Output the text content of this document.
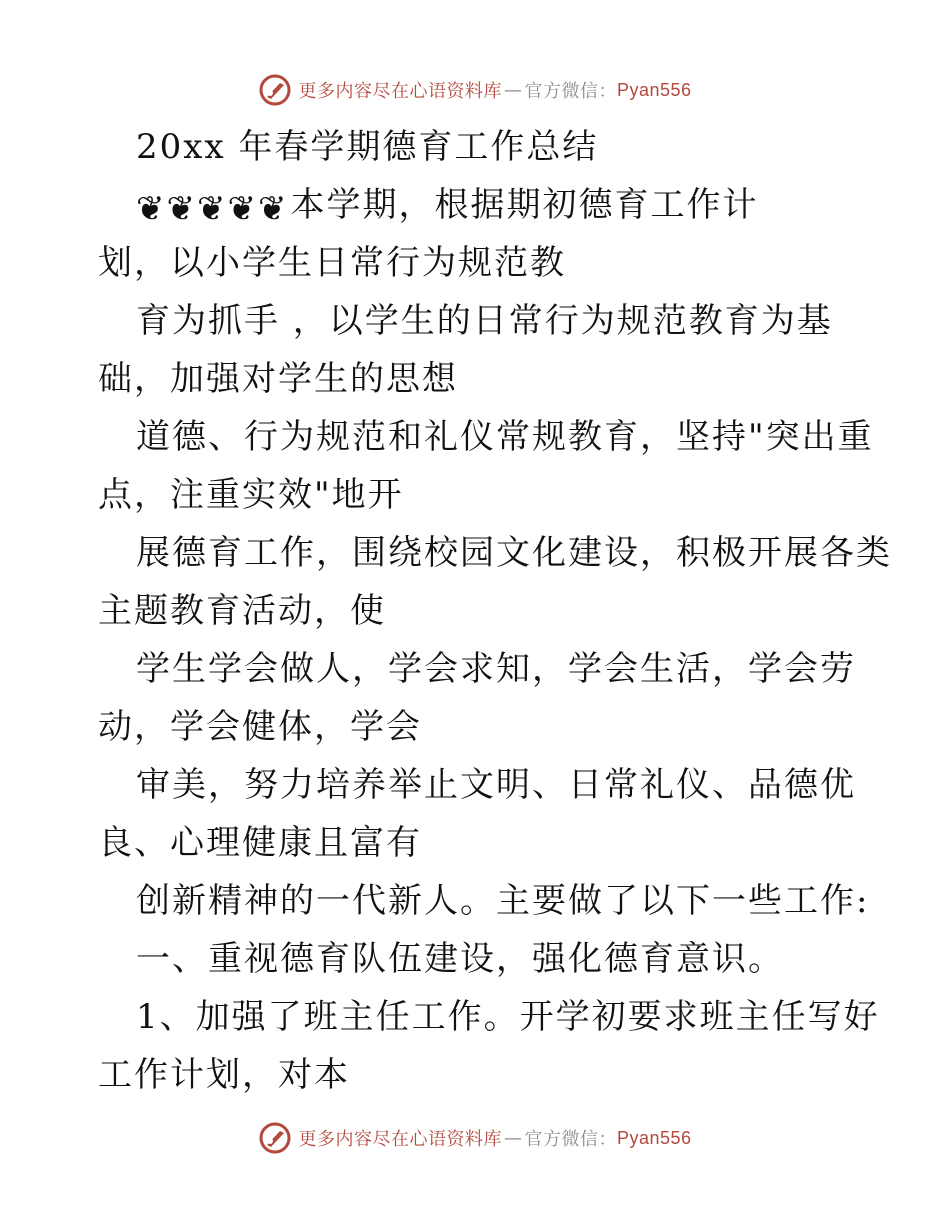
更多内容尽在心语资料库 — 官方微信： Pyan556
20xx 年春学期德育工作总结
❦❦❦❦❦本学期，根据期初德育工作计
划，以小学生日常行为规范教
育为抓手 ，以学生的日常行为规范教育为基
础，加强对学生的思想
道德、行为规范和礼仪常规教育，坚持"突出重
点，注重实效"地开
展德育工作，围绕校园文化建设，积极开展各类
主题教育活动，使
学生学会做人，学会求知，学会生活，学会劳
动，学会健体，学会
审美，努力培养举止文明、日常礼仪、品德优
良、心理健康且富有
创新精神的一代新人。主要做了以下一些工作:
一、重视德育队伍建设，强化德育意识。
1、加强了班主任工作。开学初要求班主任写好
工作计划，对本
更多内容尽在心语资料库 — 官方微信： Pyan556
